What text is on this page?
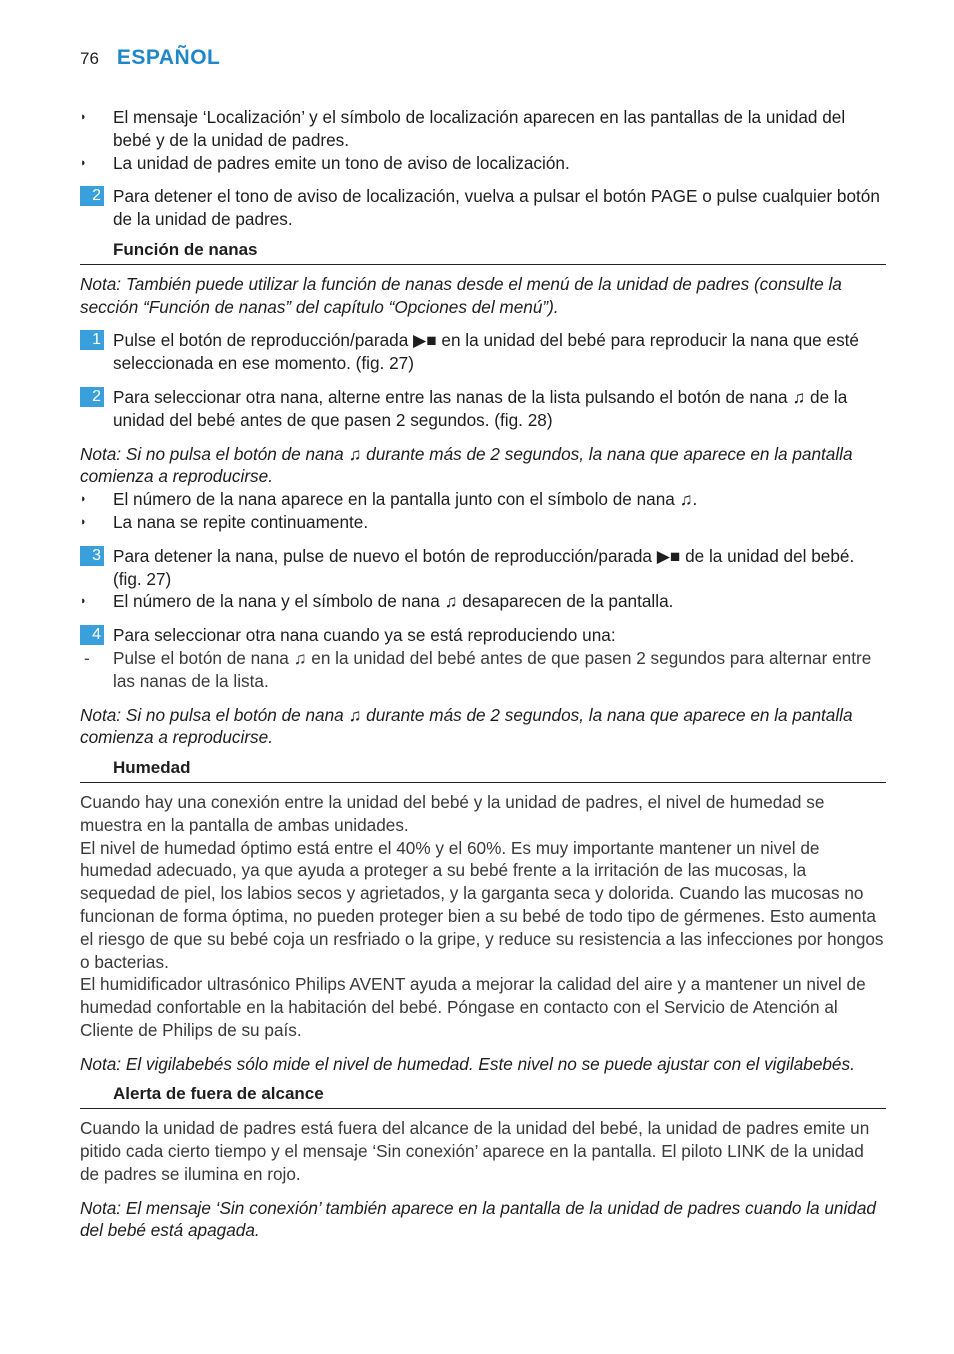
76 ESPAÑOL
◗ El mensaje ‘Localización’ y el símbolo de localización aparecen en las pantallas de la unidad del bebé y de la unidad de padres.
◗ La unidad de padres emite un tono de aviso de localización.
2 Para detener el tono de aviso de localización, vuelva a pulsar el botón PAGE o pulse cualquier botón de la unidad de padres.
Función de nanas
Nota: También puede utilizar la función de nanas desde el menú de la unidad de padres (consulte la sección “Función de nanas” del capítulo “Opciones del menú”).
1 Pulse el botón de reproducción/parada ▶■ en la unidad del bebé para reproducir la nana que esté seleccionada en ese momento. (fig. 27)
2 Para seleccionar otra nana, alterne entre las nanas de la lista pulsando el botón de nana ♫ de la unidad del bebé antes de que pasen 2 segundos. (fig. 28)
Nota: Si no pulsa el botón de nana ♫ durante más de 2 segundos, la nana que aparece en la pantalla comienza a reproducirse.
◗ El número de la nana aparece en la pantalla junto con el símbolo de nana ♫.
◗ La nana se repite continuamente.
3 Para detener la nana, pulse de nuevo el botón de reproducción/parada ▶■ de la unidad del bebé. (fig. 27)
◗ El número de la nana y el símbolo de nana ♫ desaparecen de la pantalla.
4 Para seleccionar otra nana cuando ya se está reproduciendo una:
- Pulse el botón de nana ♫ en la unidad del bebé antes de que pasen 2 segundos para alternar entre las nanas de la lista.
Nota: Si no pulsa el botón de nana ♫ durante más de 2 segundos, la nana que aparece en la pantalla comienza a reproducirse.
Humedad
Cuando hay una conexión entre la unidad del bebé y la unidad de padres, el nivel de humedad se muestra en la pantalla de ambas unidades.
El nivel de humedad óptimo está entre el 40% y el 60%. Es muy importante mantener un nivel de humedad adecuado, ya que ayuda a proteger a su bebé frente a la irritación de las mucosas, la sequedad de piel, los labios secos y agrietados, y la garganta seca y dolorida. Cuando las mucosas no funcionan de forma óptima, no pueden proteger bien a su bebé de todo tipo de gérmenes. Esto aumenta el riesgo de que su bebé coja un resfriado o la gripe, y reduce su resistencia a las infecciones por hongos o bacterias.
El humidificador ultrasónico Philips AVENT ayuda a mejorar la calidad del aire y a mantener un nivel de humedad confortable en la habitación del bebé. Póngase en contacto con el Servicio de Atención al Cliente de Philips de su país.
Nota: El vigilabebés sólo mide el nivel de humedad. Este nivel no se puede ajustar con el vigilabebés.
Alerta de fuera de alcance
Cuando la unidad de padres está fuera del alcance de la unidad del bebé, la unidad de padres emite un pitido cada cierto tiempo y el mensaje ‘Sin conexión’ aparece en la pantalla. El piloto LINK de la unidad de padres se ilumina en rojo.
Nota: El mensaje ‘Sin conexión’ también aparece en la pantalla de la unidad de padres cuando la unidad del bebé está apagada.
